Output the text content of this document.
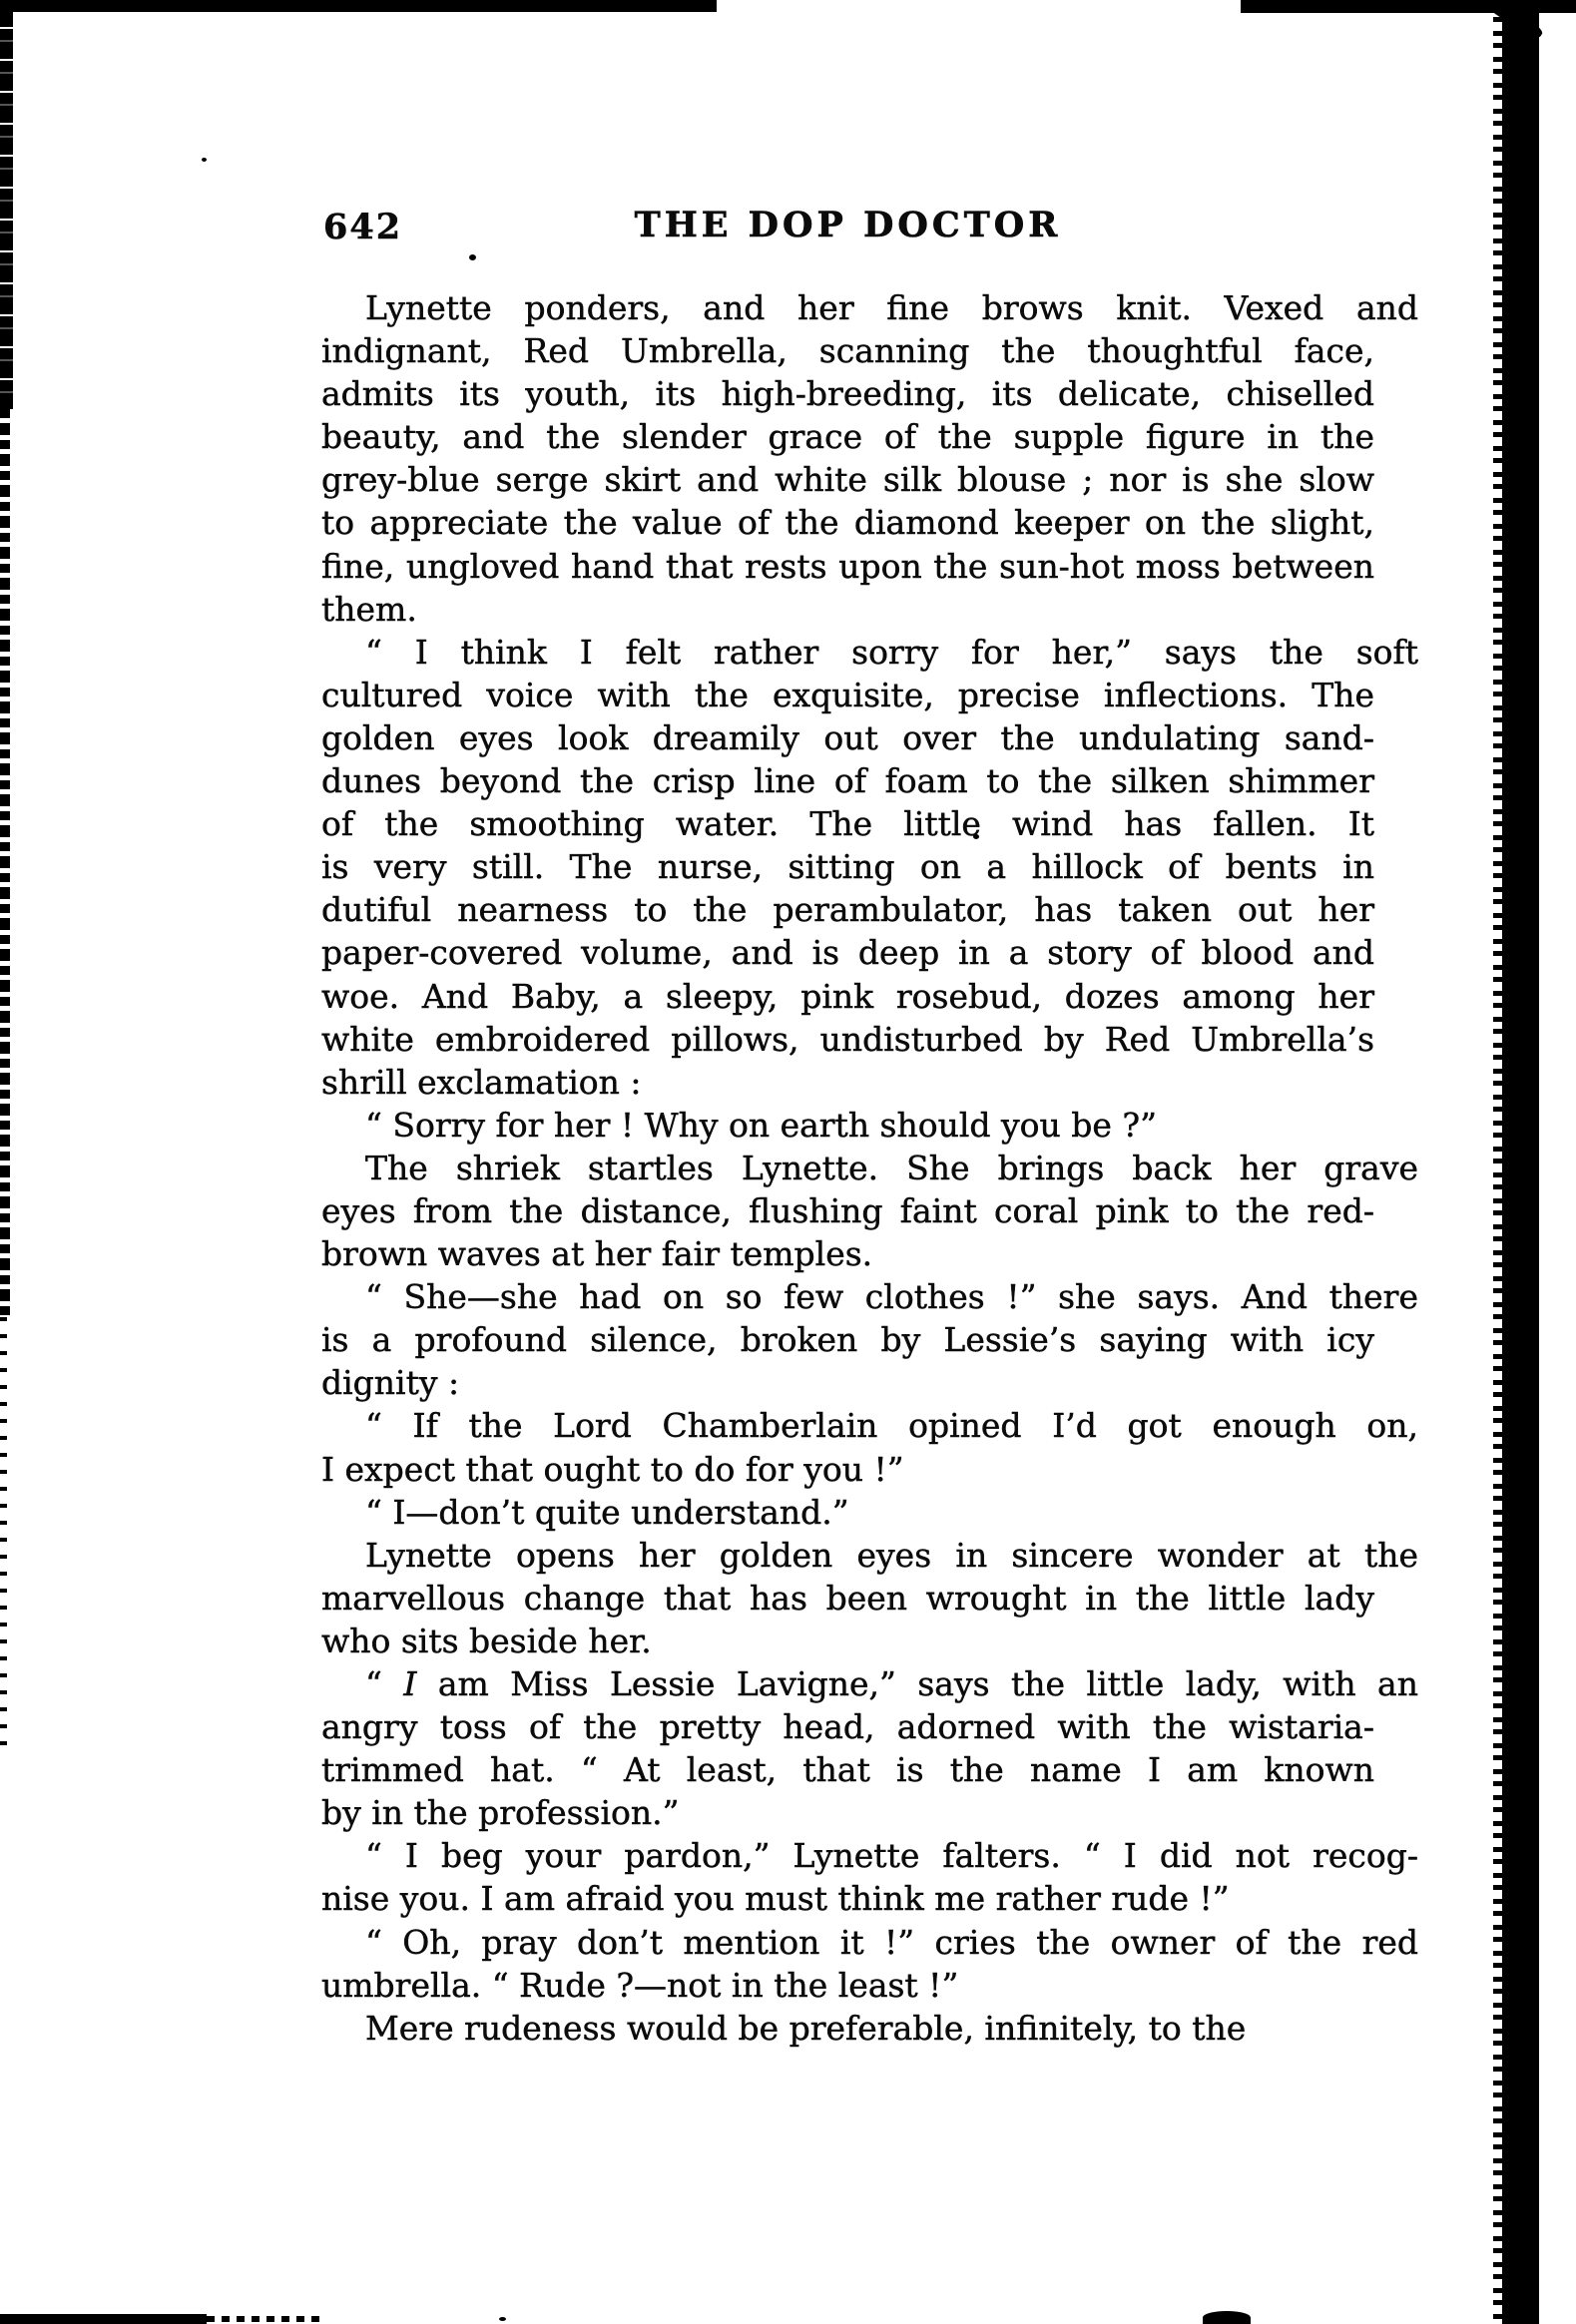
642	THE DOP DOCTOR
Lynette ponders, and her fine brows knit. Vexed and
indignant, Red Umbrella, scanning the thoughtful face,
admits its youth, its high-breeding, its delicate, chiselled
beauty, and the slender grace of the supple figure in the
grey-blue serge skirt and white silk blouse ; nor is she slow
to appreciate the value of the diamond keeper on the slight,
fine, ungloved hand that rests upon the sun-hot moss between
them.
“ I think I felt rather sorry for her,” says the soft
cultured voice with the exquisite, precise inflections. The
golden eyes look dreamily out over the undulating sand-
dunes beyond the crisp line of foam to the silken shimmer
of the smoothing water. The little wind has fallen. It
is very still. The nurse, sitting on a hillock of bents in
dutiful nearness to the perambulator, has taken out her
paper-covered volume, and is deep in a story of blood and
woe. And Baby, a sleepy, pink rosebud, dozes among her
white embroidered pillows, undisturbed by Red Umbrella’s
shrill exclamation :
“ Sorry for her ! Why on earth should you be ?”
The shriek startles Lynette. She brings back her grave
eyes from the distance, flushing faint coral pink to the red-
brown waves at her fair temples.
“ She—she had on so few clothes !” she says. And there
is a profound silence, broken by Lessie’s saying with icy
dignity :
“ If the Lord Chamberlain opined I’d got enough on,
I expect that ought to do for you !”
“ I—don’t quite understand.”
Lynette opens her golden eyes in sincere wonder at the
marvellous change that has been wrought in the little lady
who sits beside her.
“ I am Miss Lessie Lavigne,” says the little lady, with an
angry toss of the pretty head, adorned with the wistaria-
trimmed hat. “ At least, that is the name I am known
by in the profession.”
“ I beg your pardon,” Lynette falters. “ I did not recog-
nise you. I am afraid you must think me rather rude !”
“ Oh, pray don’t mention it !” cries the owner of the red
umbrella. “ Rude ?—not in the least !”
Mere rudeness would be preferable, infinitely, to the
